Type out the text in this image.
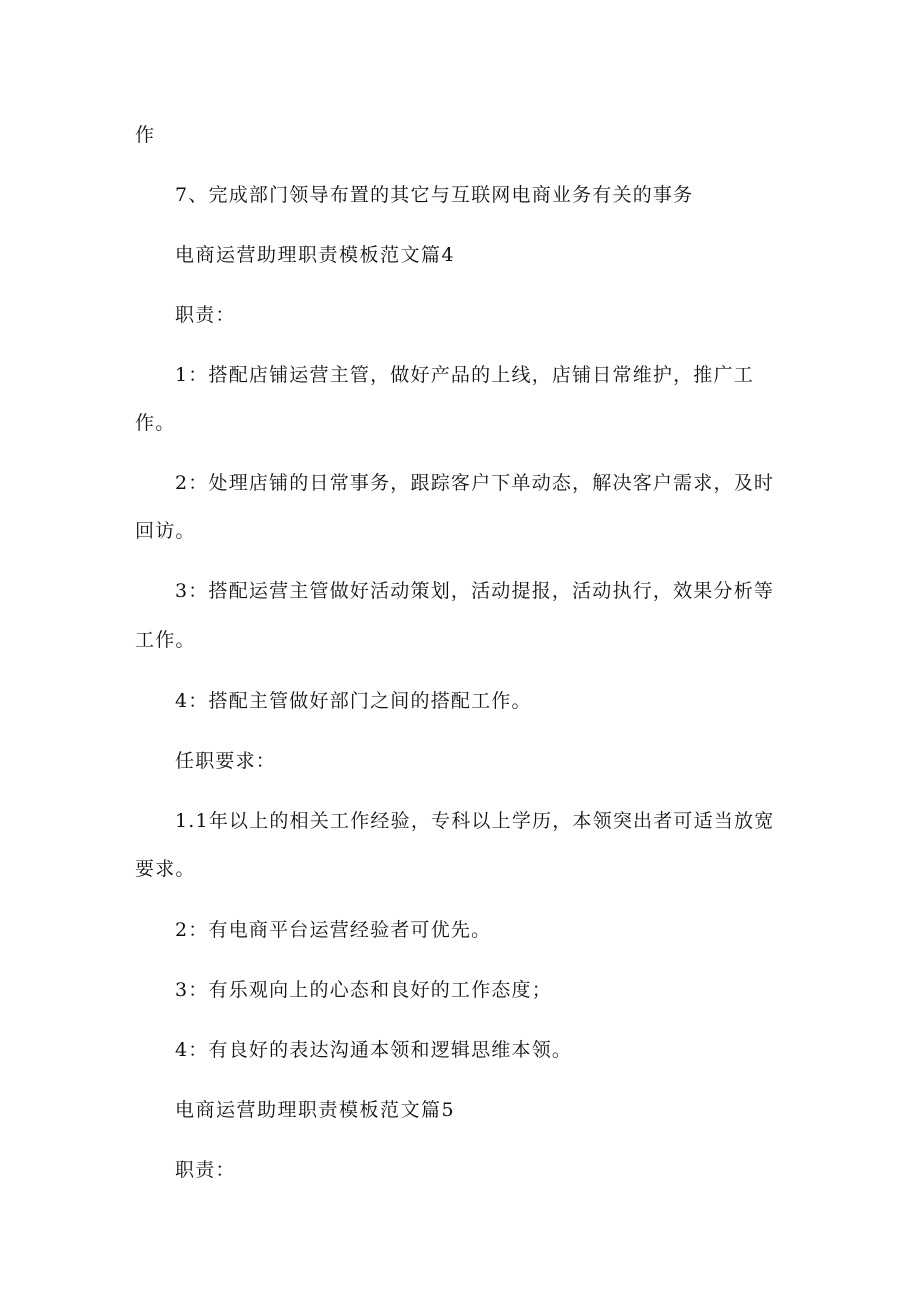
作

7、完成部门领导布置的其它与互联网电商业务有关的事务

电商运营助理职责模板范文篇4

职责：

1：搭配店铺运营主管，做好产品的上线，店铺日常维护，推广工

作。

2：处理店铺的日常事务，跟踪客户下单动态，解决客户需求，及时

回访。

3：搭配运营主管做好活动策划，活动提报，活动执行，效果分析等

工作。

4：搭配主管做好部门之间的搭配工作。

任职要求：

1.1年以上的相关工作经验，专科以上学历，本领突出者可适当放宽

要求。

2：有电商平台运营经验者可优先。

3：有乐观向上的心态和良好的工作态度；

4：有良好的表达沟通本领和逻辑思维本领。

电商运营助理职责模板范文篇5

职责：
